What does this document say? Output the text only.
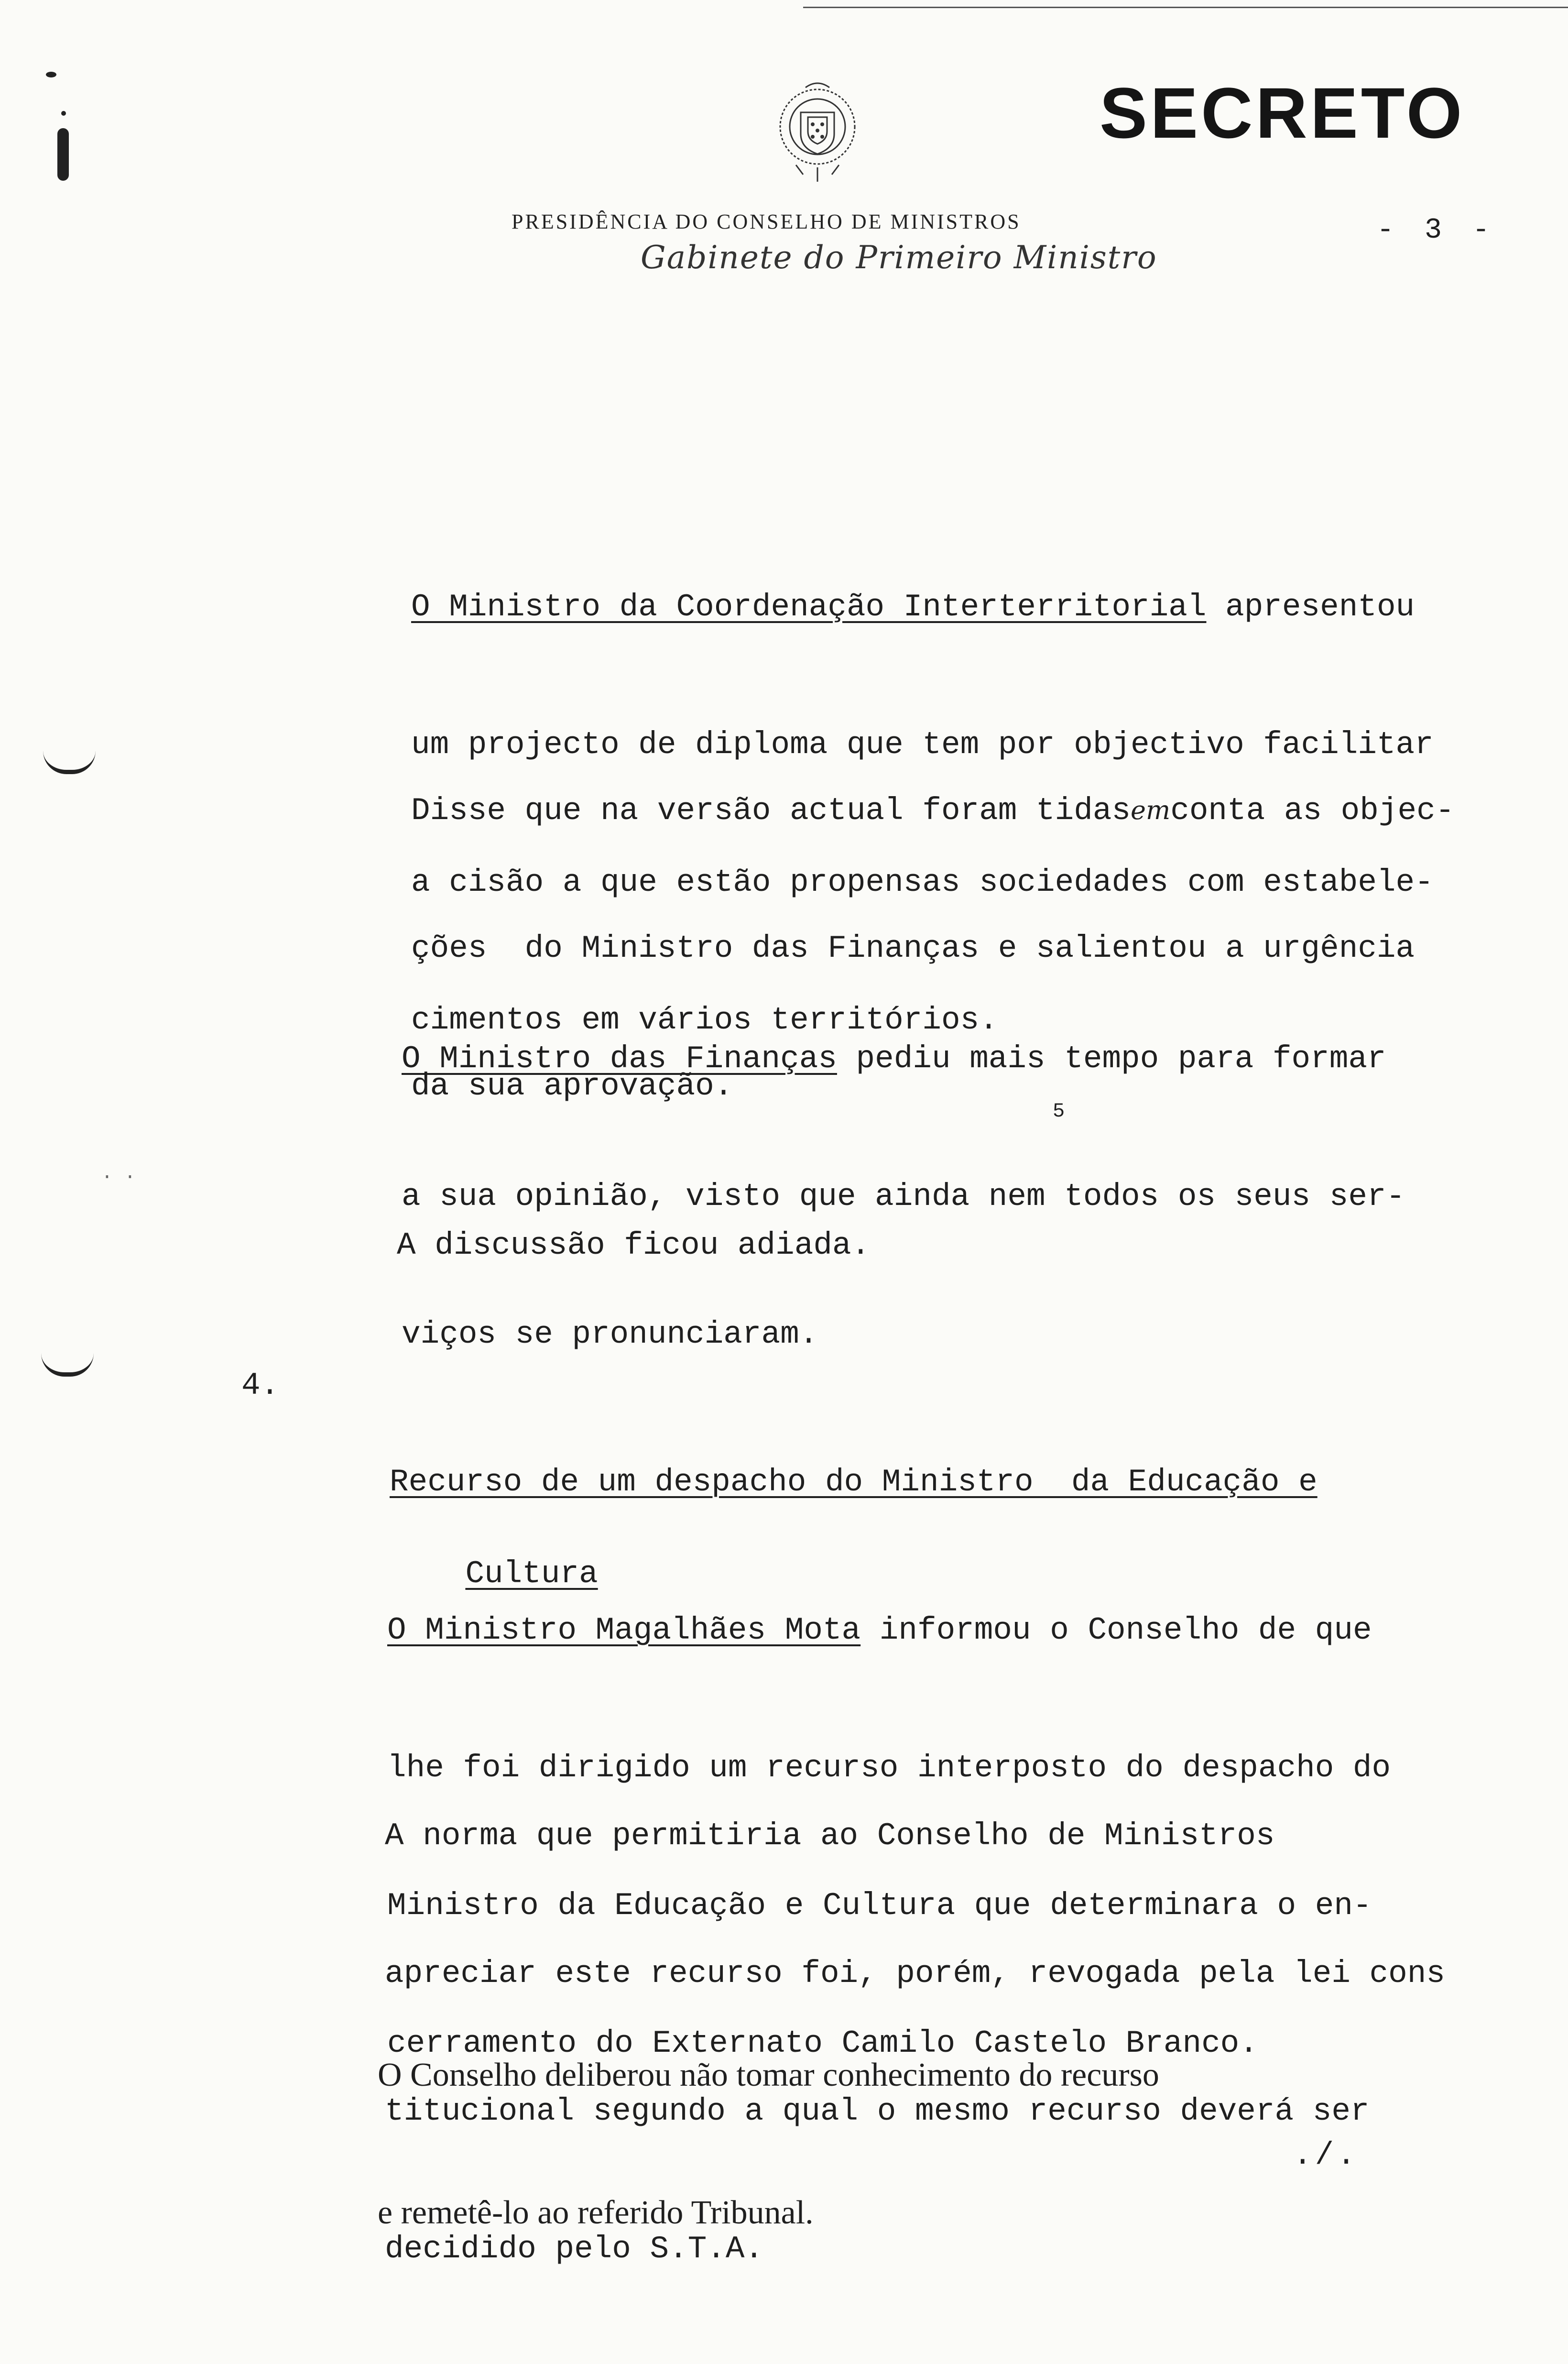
∙ ∙
SECRETO
PRESIDÊNCIA DO CONSELHO DE MINISTROS	- 3 -
Gabinete do Primeiro Ministro

O Ministro da Coordenação Interterritorial apresentou

um projecto de diploma que tem por objectivo facilitar

a cisão a que estão propensas sociedades com estabele-

cimentos em vários territórios.

Disse que na versão actual foram tidasemconta as objec-

ções  do Ministro das Finanças e salientou a urgência

da sua aprovação.

O Ministro das Finanças pediu mais tempo para formar

a sua opinião, visto que ainda nem todos os seus ser-

viços se pronunciaram.

5

A discussão ficou adiada.

4.

Recurso de um despacho do Ministro  da Educação e

Cultura

O Ministro Magalhães Mota informou o Conselho de que

lhe foi dirigido um recurso interposto do despacho do

Ministro da Educação e Cultura que determinara o en-

cerramento do Externato Camilo Castelo Branco.

A norma que permitiria ao Conselho de Ministros

apreciar este recurso foi, porém, revogada pela lei cons

titucional segundo a qual o mesmo recurso deverá ser

decidido pelo S.T.A.

O Conselho deliberou não tomar conhecimento do recurso

e remetê-lo ao referido Tribunal.

./.
